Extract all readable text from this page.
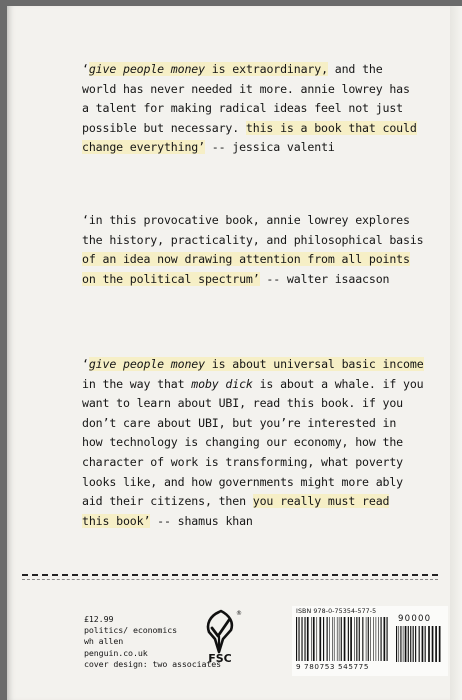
‘give people money is extraordinary, and the
world has never needed it more. annie lowrey has
a talent for making radical ideas feel not just
possible but necessary. this is a book that could
change everything’ -- jessica valenti
‘in this provocative book, annie lowrey explores
the history, practicality, and philosophical basis
of an idea now drawing attention from all points
on the political spectrum’ -- walter isaacson
‘give people money is about universal basic income
in the way that moby dick is about a whale. if you
want to learn about UBI, read this book. if you
don’t care about UBI, but you’re interested in
how technology is changing our economy, how the
character of work is transforming, what poverty
looks like, and how governments might more ably
aid their citizens, then you really must read
this book’ -- shamus khan
£12.99
politics/ economics
wh allen
penguin.co.uk
cover design: two associates
®
FSC
ISBN 978-0-75354-577-5
90000
9 780753 545775
